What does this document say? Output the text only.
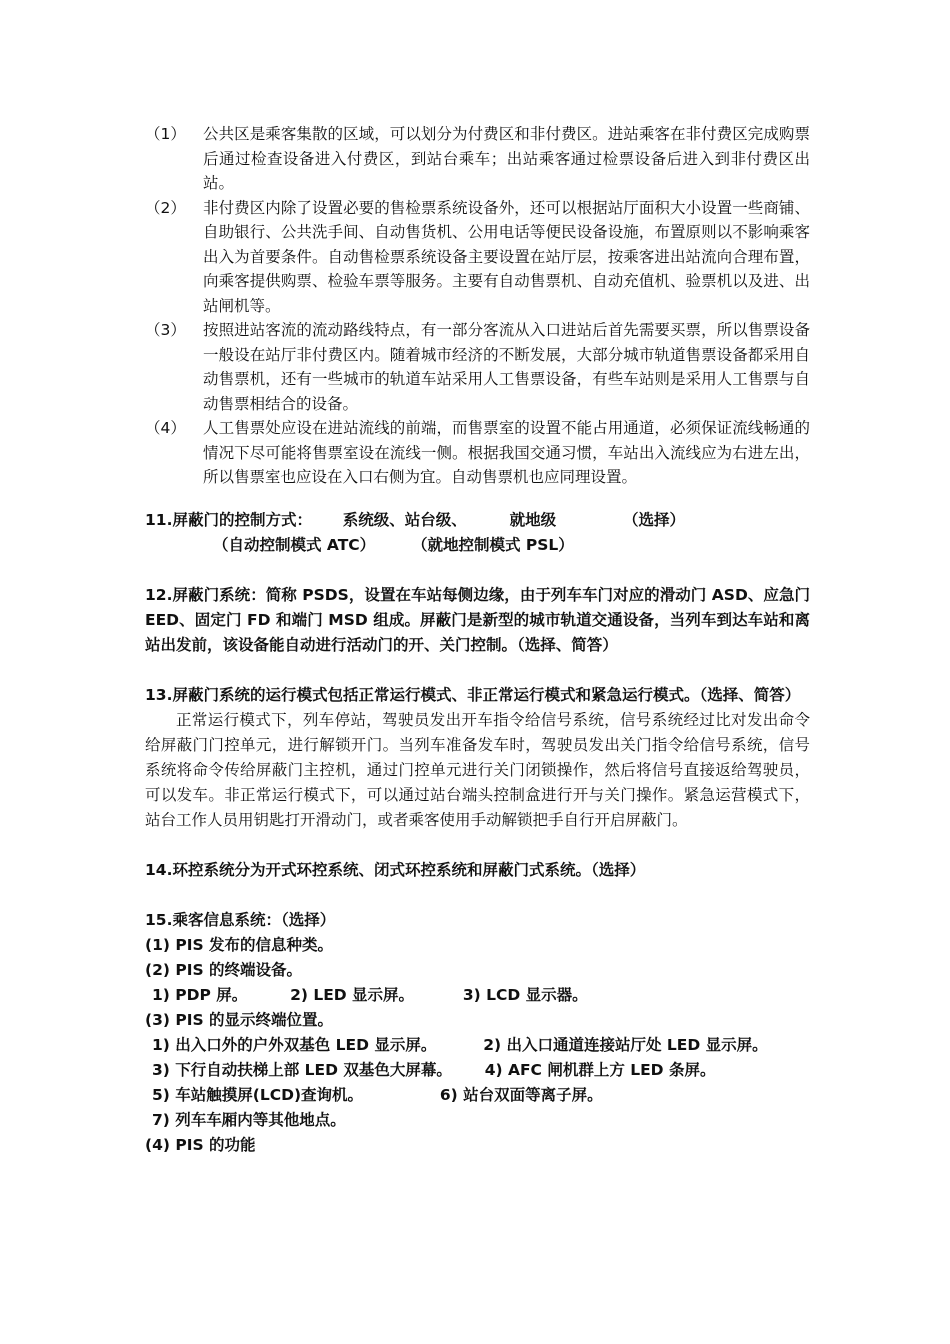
（1）	公共区是乘客集散的区域，可以划分为付费区和非付费区。进站乘客在非付费区完成购票后通过检查设备进入付费区，到站台乘车；出站乘客通过检票设备后进入到非付费区出站。
（2）	非付费区内除了设置必要的售检票系统设备外，还可以根据站厅面积大小设置一些商铺、自助银行、公共洗手间、自动售货机、公用电话等便民设备设施，布置原则以不影响乘客出入为首要条件。自动售检票系统设备主要设置在站厅层，按乘客进出站流向合理布置，向乘客提供购票、检验车票等服务。主要有自动售票机、自动充值机、验票机以及进、出站闸机等。
（3）	按照进站客流的流动路线特点，有一部分客流从入口进站后首先需要买票，所以售票设备一般设在站厅非付费区内。随着城市经济的不断发展，大部分城市轨道售票设备都采用自动售票机，还有一些城市的轨道车站采用人工售票设备，有些车站则是采用人工售票与自动售票相结合的设备。
（4）	人工售票处应设在进站流线的前端，而售票室的设置不能占用通道，必须保证流线畅通的情况下尽可能将售票室设在流线一侧。根据我国交通习惯，车站出入流线应为右进左出，所以售票室也应设在入口右侧为宜。自动售票机也应同理设置。
11.屏蔽门的控制方式： 系统级、站台级、	就地级	（选择）
（自动控制模式 ATC） （就地控制模式 PSL）

12.屏蔽门系统：简称 PSDS，设置在车站每侧边缘，由于列车车门对应的滑动门 ASD、应急门 EED、固定门 FD 和端门 MSD 组成。屏蔽门是新型的城市轨道交通设备，当列车到达车站和离站出发前，该设备能自动进行活动门的开、关门控制。（选择、简答）

13.屏蔽门系统的运行模式包括正常运行模式、非正常运行模式和紧急运行模式。（选择、简答）

正常运行模式下，列车停站，驾驶员发出开车指令给信号系统，信号系统经过比对发出命令给屏蔽门门控单元，进行解锁开门。当列车准备发车时，驾驶员发出关门指令给信号系统，信号系统将命令传给屏蔽门主控机，通过门控单元进行关门闭锁操作，然后将信号直接返给驾驶员，可以发车。非正常运行模式下，可以通过站台端头控制盒进行开与关门操作。紧急运营模式下，站台工作人员用钥匙打开滑动门，或者乘客使用手动解锁把手自行开启屏蔽门。

14.环控系统分为开式环控系统、闭式环控系统和屏蔽门式系统。（选择）

15.乘客信息系统：（选择）
(1) PIS 发布的信息种类。
(2) PIS 的终端设备。
1) PDP 屏。	2) LED 显示屏。	3) LCD 显示器。
(3) PIS 的显示终端位置。
1) 出入口外的户外双基色 LED 显示屏。	2) 出入口通道连接站厅处 LED 显示屏。
3) 下行自动扶梯上部 LED 双基色大屏幕。 4) AFC 闸机群上方 LED 条屏。
5) 车站触摸屏(LCD)查询机。	6) 站台双面等离子屏。
7) 列车车厢内等其他地点。
(4) PIS 的功能
